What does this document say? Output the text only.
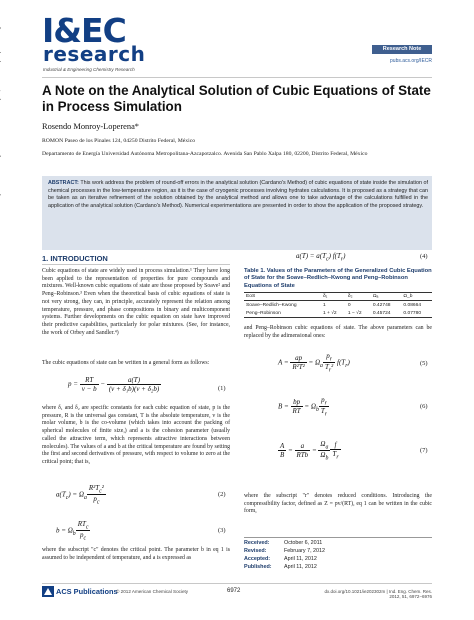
I&EC
research
Industrial & Engineering Chemistry Research
Research Note
pubs.acs.org/IECR
A Note on the Analytical Solution of Cubic Equations of State in Process Simulation
Rosendo Monroy-Loperena*
ROMON Paseo de los Pinales 124, 04250 Distrito Federal, México
Departamento de Energía Universidad Autónoma Metropolitana-Azcapotzalco. Avenida San Pablo Xalpa 180, 02200, Distrito Federal, México
ABSTRACT: This work address the problem of round-off errors in the analytical solution (Cardano's Method) of cubic equations of state inside the simulation of chemical processes in the low-temperature region, as it is the case of cryogenic processes involving hydrates calculations. It is proposed as a strategy that can be taken as an iterative refinement of the solution obtained by the analytical method and allows one to take advantage of the calculations fulfilled in the application of the analytical solution (Cardano's Method). Numerical experimentations are presented in order to show the application of the proposed strategy.
1. INTRODUCTION
Cubic equations of state are widely used in process simulation.¹ They have long been applied to the representation of properties for pure compounds and mixtures. Well-known cubic equations of state are those proposed by Soave² and Peng–Robinson.³ Even when the theoretical basis of cubic equations of state is not very strong, they can, in principle, accurately represent the relation among temperature, pressure, and phase compositions in binary and multicomponent systems. Further developments on the cubic equation on state have improved their predictive capabilities, particularly for polar mixtures. (See, for instance, the work of Orbey and Sandler.⁴)
The cubic equations of state can be written in a general form as follows:
$p = \frac{RT}{v - b} - \frac{a(T)}{\text{(v + δ₁b)(v + δ₂b)}}$	(1)
where δ₁ and δ₂ are specific constants for each cubic equation of state, p is the pressure, R is the universal gas constant, T is the absolute temperature, v is the molar volume, b is the co-volume (which takes into account the packing of spherical molecules of finite size,) and a is the cohesion parameter (usually called the attractive term, which represents attractive interactions between molecules). The values of a and b at the critical temperature are found by setting the first and second derivatives of pressure, with respect to volume to zero at the critical point; that is,
$a(T_c) = \Omega_a \frac{R^2T_c^2}{p_c}$	(2)
$b = \Omega_b \frac{RT_c}{p_c}$	(3)
where the subscript "c" denotes the critical point. The parameter b in eq 1 is assumed to be independent of temperature, and a is expressed as
$a(T) = a(T_c)$ $f(T_r)$	(4)
Table 1. Values of the Parameters of the Generalized Cubic Equation of State for the Soave–Redlich–Kwong and Peng–Robinson Equations of State
EoS	δ₁	δ₂	Ωₐ	Ω_b
Soave–Redlich–Kwong	1	0	0.42748	0.08664
Peng–Robinson	1 + √2	1 − √2	0.45724	0.07780
and Peng–Robinson cubic equations of state. The above parameters can be replaced by the adimensional ones:
$A = \frac{ap}{\text{R²T²}} = \Omega_a \frac{p_r}{T_r^2} f(T_r)$	(5)
$B = \frac{bp}{RT} = \Omega_b \frac{p_r}{T_r}$	(6)
$\frac{A}{B} = \frac{a}{\text{RTb}} = \frac{\Omega_a}{\Omega_b} \frac{f}{T_r}$	(7)
where the subscript "r" denotes reduced conditions. Introducing the compressibility factor, defined as Z = pv/(RT), eq 1 can be written in the cubic form,
Received:	October 6, 2011
Revised:	February 7, 2012
Accepted:	April 11, 2012
Published: April 11, 2012
ACS Publications
© 2012 American Chemical Society	6972	dx.doi.org/10.1021/ie202302m | Ind. Eng. Chem. Res. 2012, 51, 6972−6976
